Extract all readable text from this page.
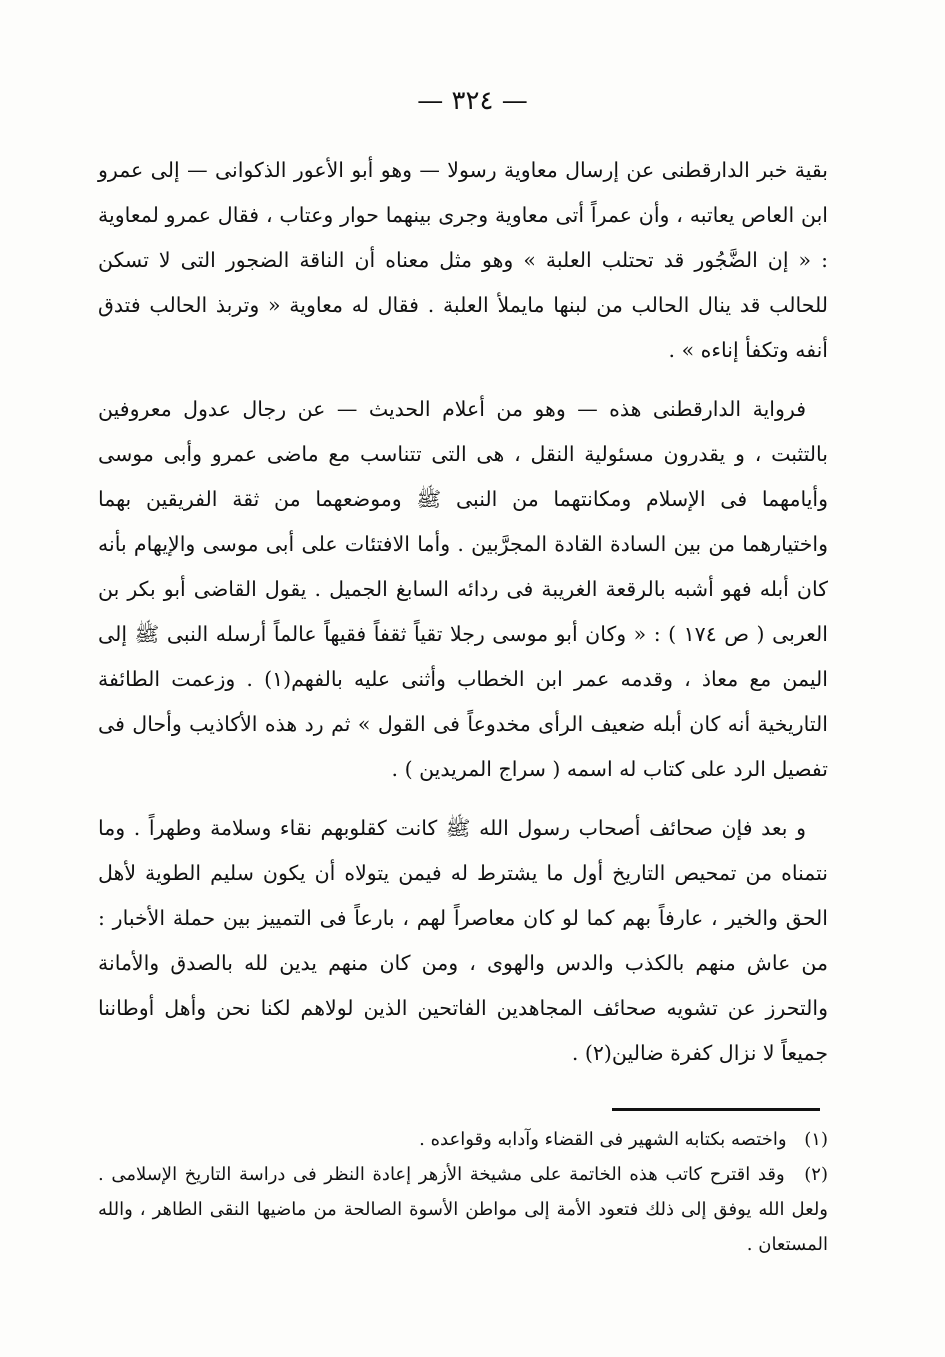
— ٣٢٤ —

بقية خبر الدارقطنى عن إرسال معاوية رسولا — وهو أبو الأعور الذكوانى — إلى عمرو ابن العاص يعاتبه ، وأن عمراً أتى معاوية وجرى بينهما حوار وعتاب ، فقال عمرو لمعاوية : « إن الضَّجُور قد تحتلب العلبة » وهو مثل معناه أن الناقة الضجور التى لا تسكن للحالب قد ينال الحالب من لبنها مايملأ العلبة . فقال له معاوية « وتربذ الحالب فتدق أنفه وتكفأ إناءه » .

فرواية الدارقطنى هذه — وهو من أعلام الحديث — عن رجال عدول معروفين بالتثبت ، و يقدرون مسئولية النقل ، هى التى تتناسب مع ماضى عمرو وأبى موسى وأيامهما فى الإسلام ومكانتهما من النبى ﷺ وموضعهما من ثقة الفريقين بهما واختيارهما من بين السادة القادة المجرَّبين . وأما الافتئات على أبى موسى والإيهام بأنه كان أبله فهو أشبه بالرقعة الغريبة فى ردائه السابغ الجميل . يقول القاضى أبو بكر بن العربى ( ص ١٧٤ ) : « وكان أبو موسى رجلا تقياً ثقفاً فقيهاً عالماً أرسله النبى ﷺ إلى اليمن مع معاذ ، وقدمه عمر ابن الخطاب وأثنى عليه بالفهم(١) . وزعمت الطائفة التاريخية أنه كان أبله ضعيف الرأى مخدوعاً فى القول » ثم رد هذه الأكاذيب وأحال فى تفصيل الرد على كتاب له اسمه ( سراج المريدين ) .

و بعد فإن صحائف أصحاب رسول الله ﷺ كانت كقلوبهم نقاء وسلامة وطهراً . وما نتمناه من تمحيص التاريخ أول ما يشترط له فيمن يتولاه أن يكون سليم الطوية لأهل الحق والخير ، عارفاً بهم كما لو كان معاصراً لهم ، بارعاً فى التمييز بين حملة الأخبار : من عاش منهم بالكذب والدس والهوى ، ومن كان منهم يدين لله بالصدق والأمانة والتحرز عن تشويه صحائف المجاهدين الفاتحين الذين لولاهم لكنا نحن وأهل أوطاننا جميعاً لا نزال كفرة ضالين(٢) .

(١) واختصه بكتابه الشهير فى القضاء وآدابه وقواعده .

(٢) وقد اقترح كاتب هذه الخاتمة على مشيخة الأزهر إعادة النظر فى دراسة التاريخ الإسلامى . ولعل الله يوفق إلى ذلك فتعود الأمة إلى مواطن الأسوة الصالحة من ماضيها النقى الطاهر ، والله المستعان .
